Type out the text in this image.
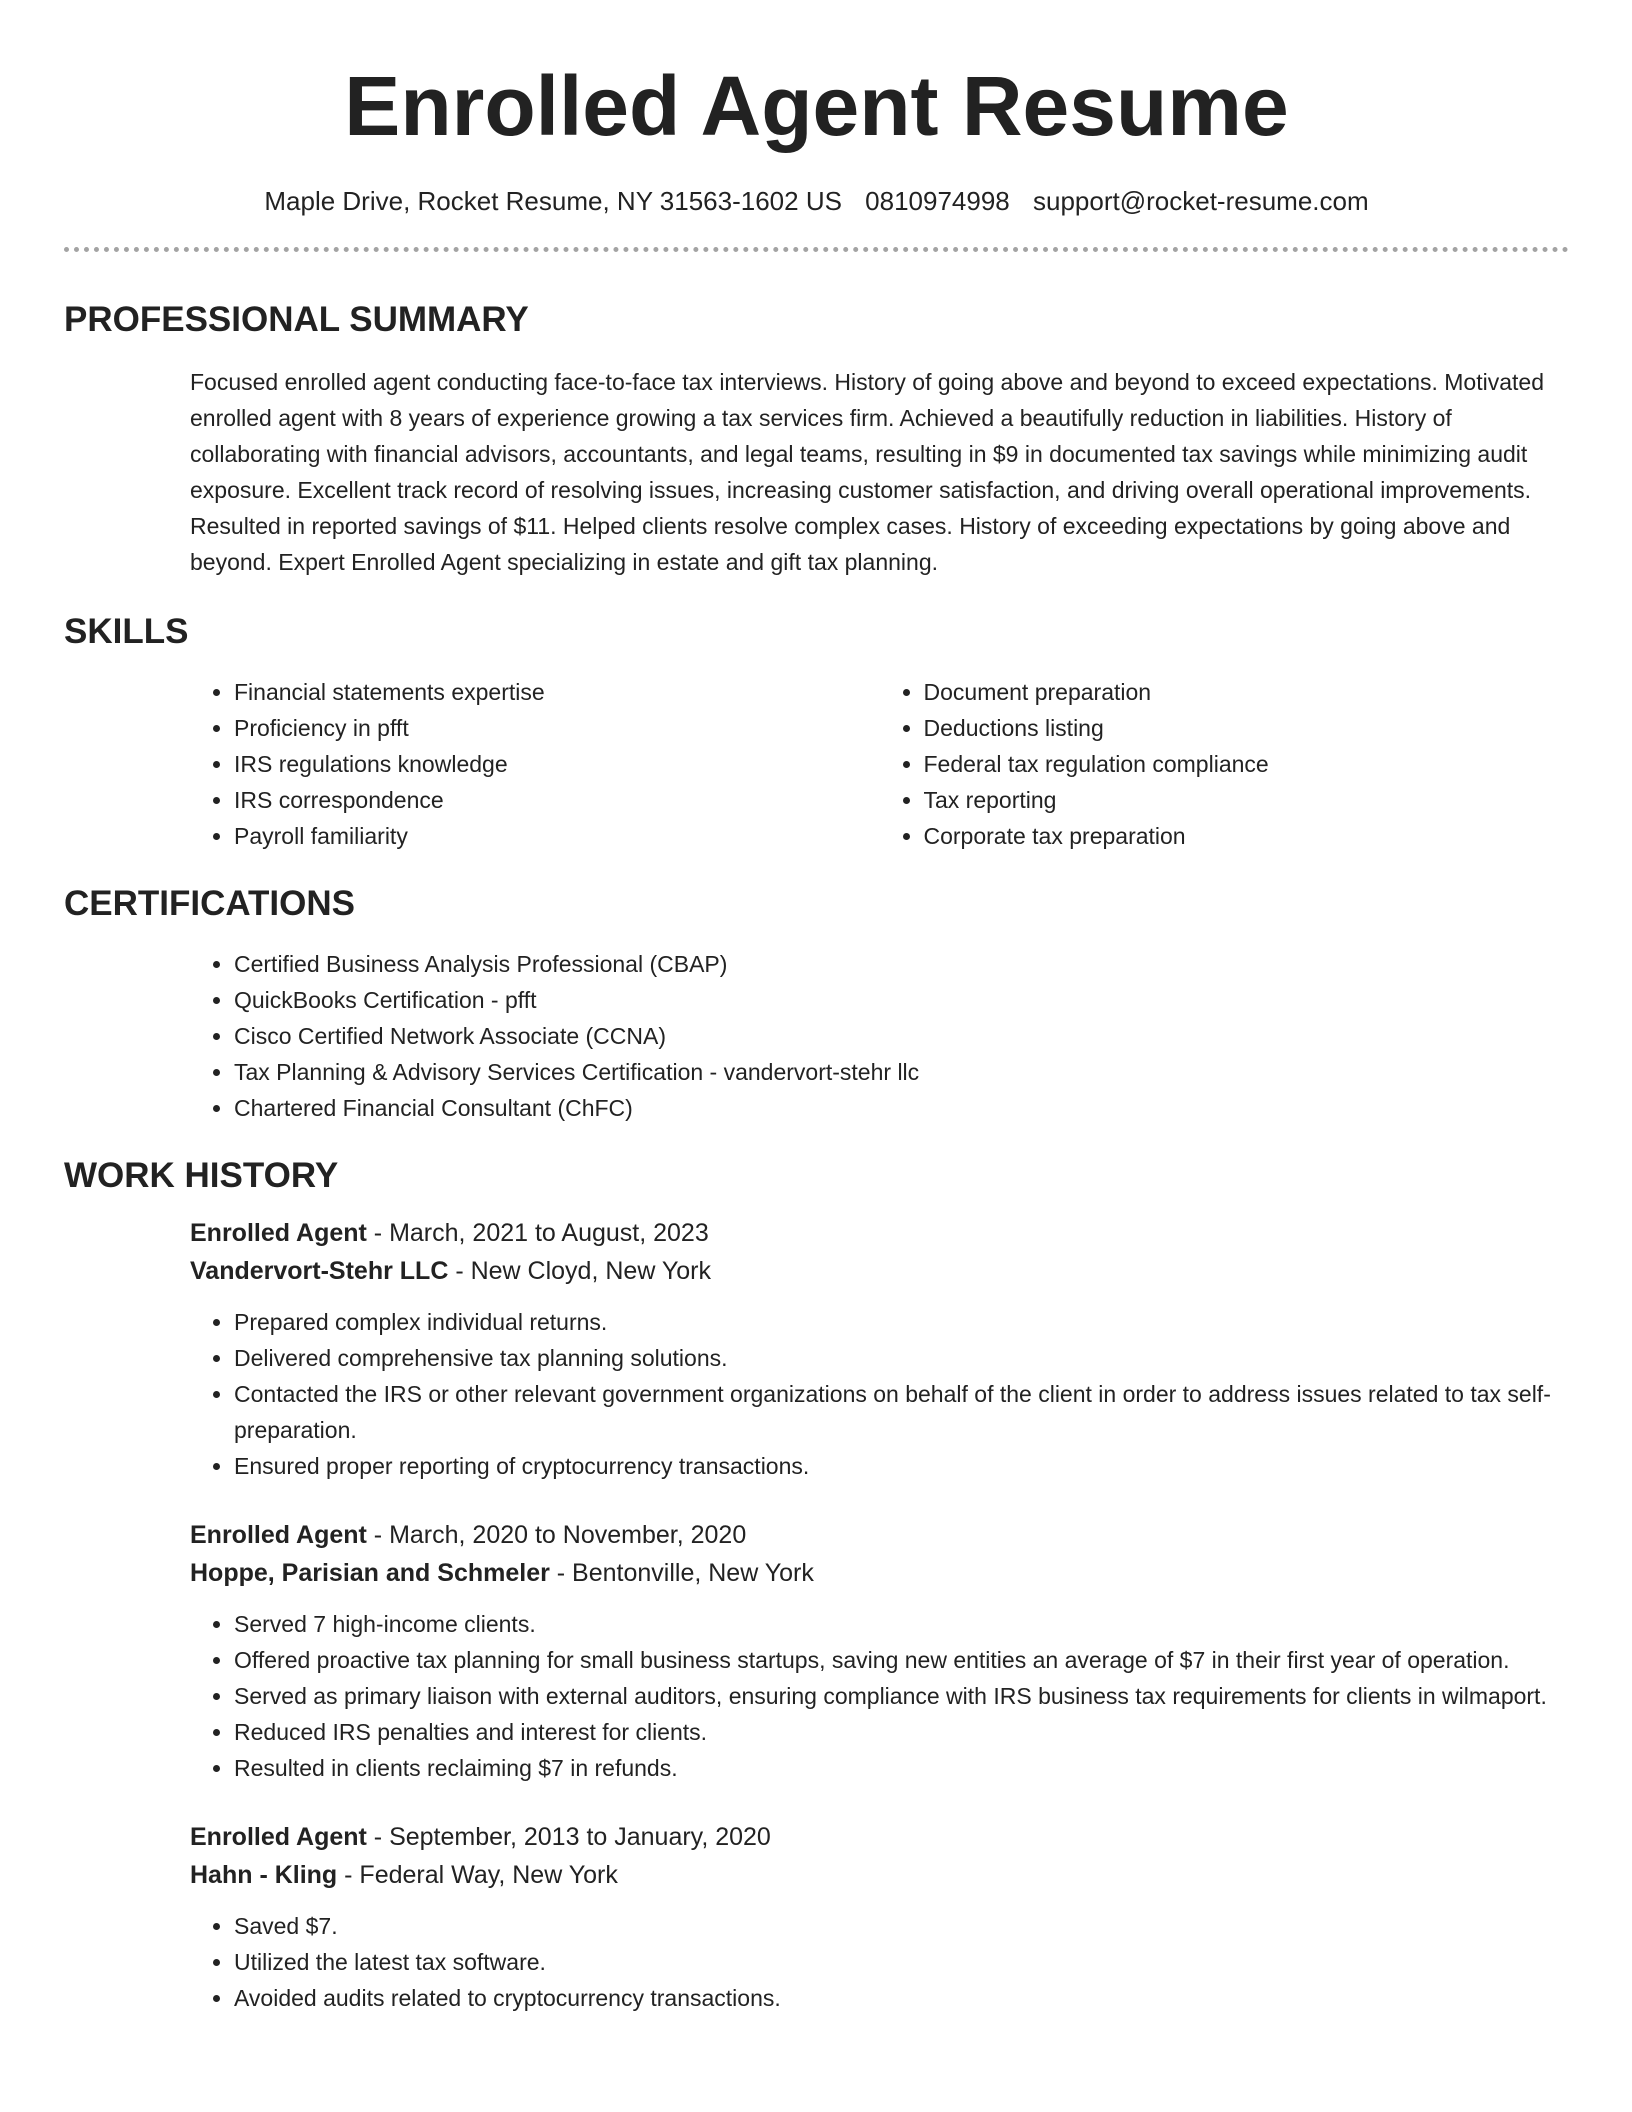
Enrolled Agent Resume
Maple Drive, Rocket Resume, NY 31563-1602 US 0810974998 support@rocket-resume.com
PROFESSIONAL SUMMARY

Focused enrolled agent conducting face-to-face tax interviews. History of going above and beyond to exceed expectations. Motivated enrolled agent with 8 years of experience growing a tax services firm. Achieved a beautifully reduction in liabilities. History of collaborating with financial advisors, accountants, and legal teams, resulting in $9 in documented tax savings while minimizing audit exposure. Excellent track record of resolving issues, increasing customer satisfaction, and driving overall operational improvements. Resulted in reported savings of $11. Helped clients resolve complex cases. History of exceeding expectations by going above and beyond. Expert Enrolled Agent specializing in estate and gift tax planning.

SKILLS
• Financial statements expertise
• Proficiency in pfft
• IRS regulations knowledge
• IRS correspondence
• Payroll familiarity
• Document preparation
• Deductions listing
• Federal tax regulation compliance
• Tax reporting
• Corporate tax preparation
CERTIFICATIONS
• Certified Business Analysis Professional (CBAP)
• QuickBooks Certification - pfft
• Cisco Certified Network Associate (CCNA)
• Tax Planning & Advisory Services Certification - vandervort-stehr llc
• Chartered Financial Consultant (ChFC)
WORK HISTORY
Enrolled Agent - March, 2021 to August, 2023
Vandervort-Stehr LLC - New Cloyd, New York
• Prepared complex individual returns.
• Delivered comprehensive tax planning solutions.
• Contacted the IRS or other relevant government organizations on behalf of the client in order to address issues related to tax self-preparation.
• Ensured proper reporting of cryptocurrency transactions.
Enrolled Agent - March, 2020 to November, 2020
Hoppe, Parisian and Schmeler - Bentonville, New York
• Served 7 high-income clients.
• Offered proactive tax planning for small business startups, saving new entities an average of $7 in their first year of operation.
• Served as primary liaison with external auditors, ensuring compliance with IRS business tax requirements for clients in wilmaport.
• Reduced IRS penalties and interest for clients.
• Resulted in clients reclaiming $7 in refunds.
Enrolled Agent - September, 2013 to January, 2020
Hahn - Kling - Federal Way, New York
• Saved $7.
• Utilized the latest tax software.
• Avoided audits related to cryptocurrency transactions.
